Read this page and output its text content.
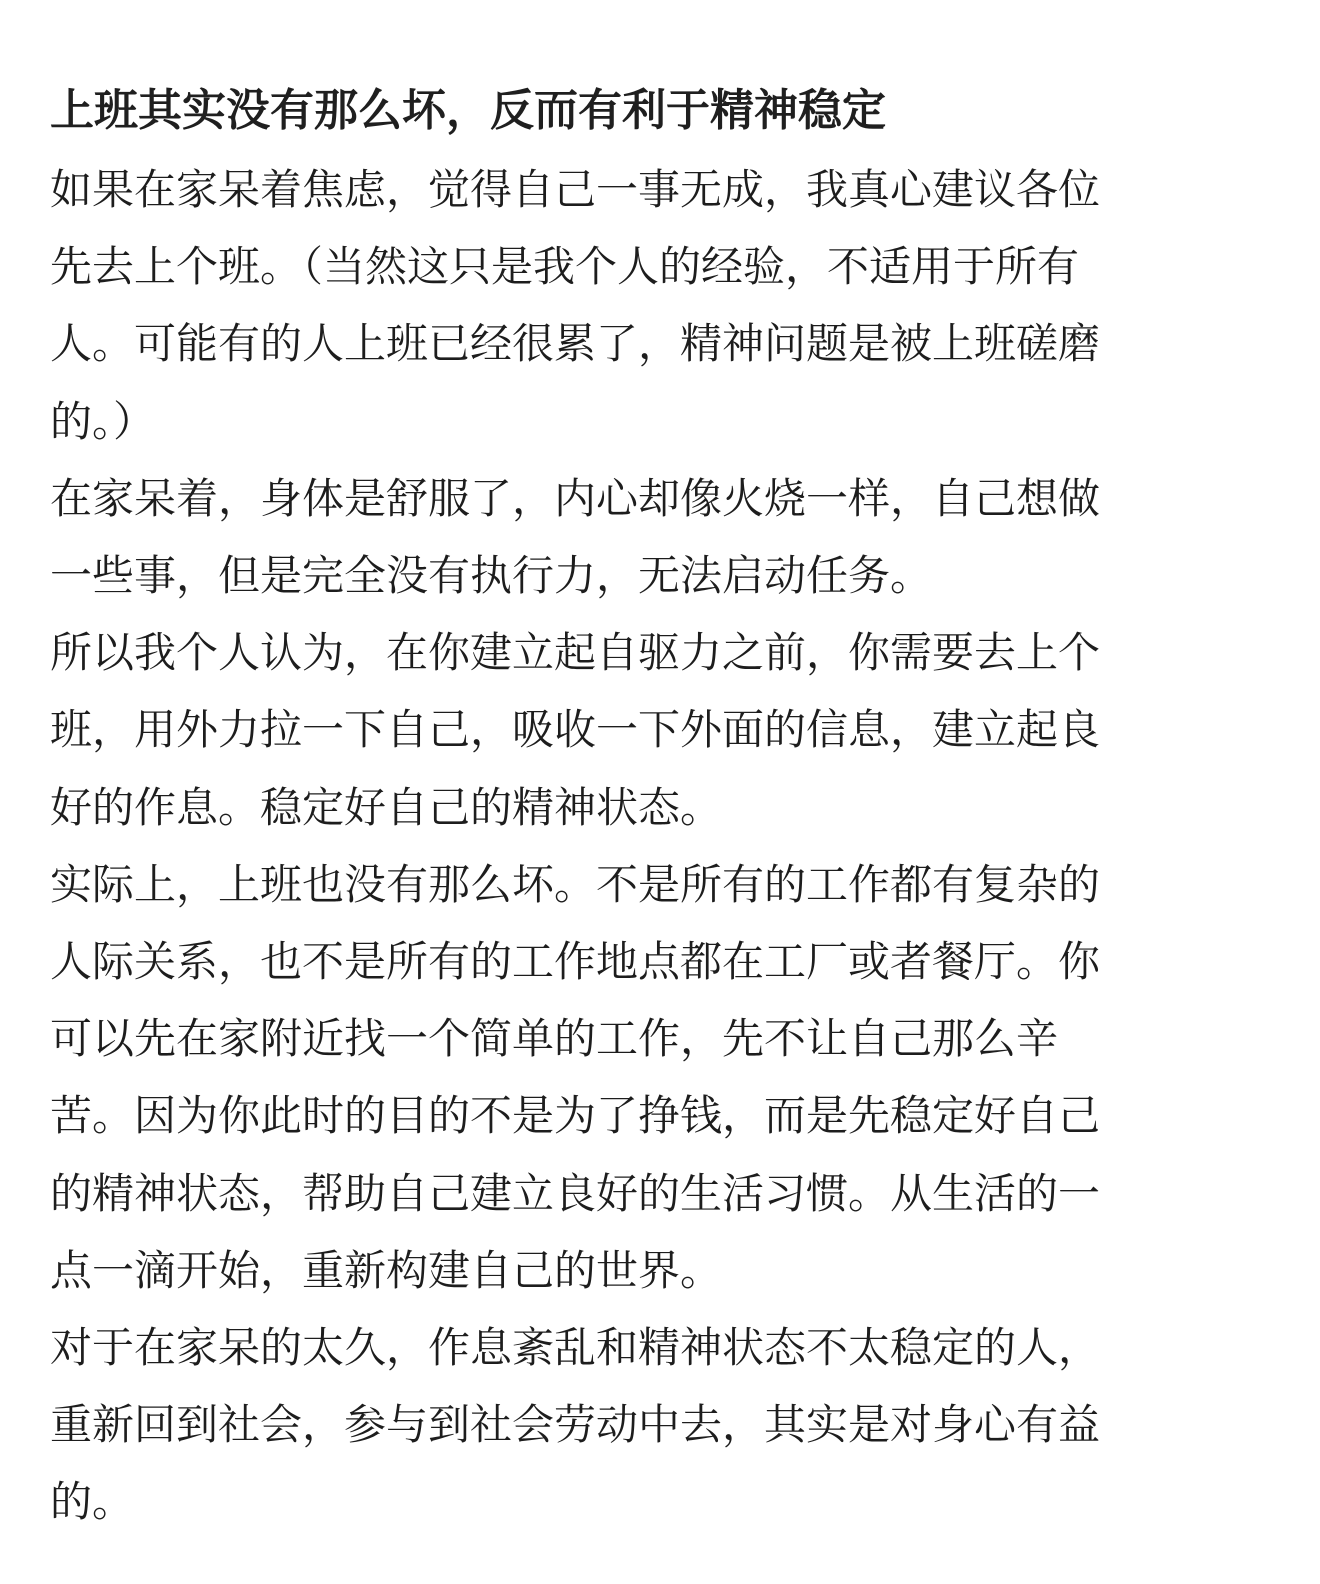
上班其实没有那么坏，反而有利于精神稳定

如果在家呆着焦虑，觉得自己一事无成，我真心建议各位

先去上个班。（当然这只是我个人的经验，不适用于所有

人。可能有的人上班已经很累了，精神问题是被上班磋磨

的。）

在家呆着，身体是舒服了，内心却像火烧一样，自己想做

一些事，但是完全没有执行力，无法启动任务。

所以我个人认为，在你建立起自驱力之前，你需要去上个

班，用外力拉一下自己，吸收一下外面的信息，建立起良

好的作息。稳定好自己的精神状态。

实际上，上班也没有那么坏。不是所有的工作都有复杂的

人际关系，也不是所有的工作地点都在工厂或者餐厅。你

可以先在家附近找一个简单的工作，先不让自己那么辛

苦。因为你此时的目的不是为了挣钱，而是先稳定好自己

的精神状态，帮助自己建立良好的生活习惯。从生活的一

点一滴开始，重新构建自己的世界。

对于在家呆的太久，作息紊乱和精神状态不太稳定的人，

重新回到社会，参与到社会劳动中去，其实是对身心有益

的。
